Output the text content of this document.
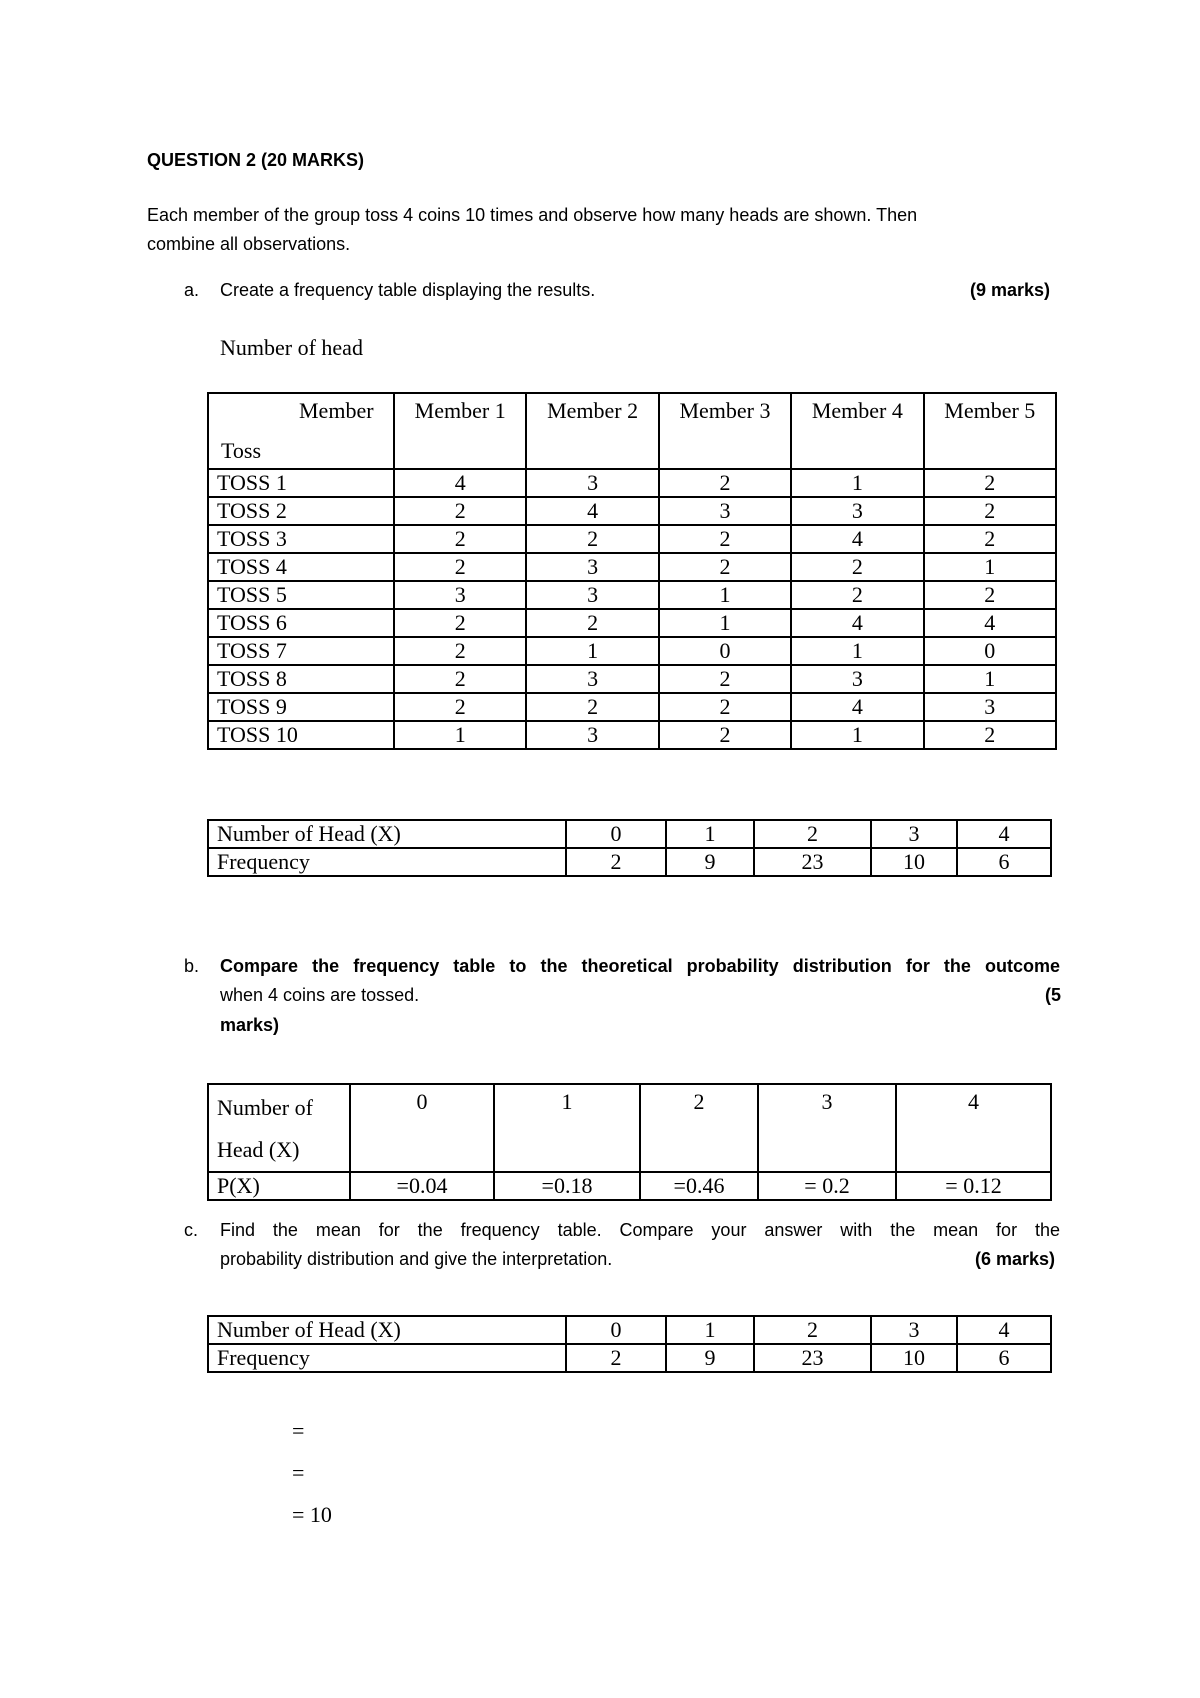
QUESTION 2 (20 MARKS)
Each member of the group toss 4 coins 10 times and observe how many heads are shown. Then
combine all observations.
a. Create a frequency table displaying the results.	(9 marks)
Number of head
Member
Toss	Member 1	Member 2	Member 3	Member 4	Member 5
TOSS 1	4	3	2	1	2
TOSS 2	2	4	3	3	2
TOSS 3	2	2	2	4	2
TOSS 4	2	3	2	2	1
TOSS 5	3	3	1	2	2
TOSS 6	2	2	1	4	4
TOSS 7	2	1	0	1	0
TOSS 8	2	3	2	3	1
TOSS 9	2	2	2	4	3
TOSS 10	1	3	2	1	2
Number of Head (X)	0	1	2	3	4
Frequency	2	9	23	10	6
b. Compare the frequency table to the theoretical probability distribution for the outcome
when 4 coins are tossed.	(5
marks)
Number of
Head (X)	0	1	2	3	4
P(X)	=0.04	=0.18	=0.46	= 0.2	= 0.12
c. Find the mean for the frequency table. Compare your answer with the mean for the
probability distribution and give the interpretation.	(6 marks)
Number of Head (X)	0	1	2	3	4
Frequency	2	9	23	10	6
=
=
= 10
